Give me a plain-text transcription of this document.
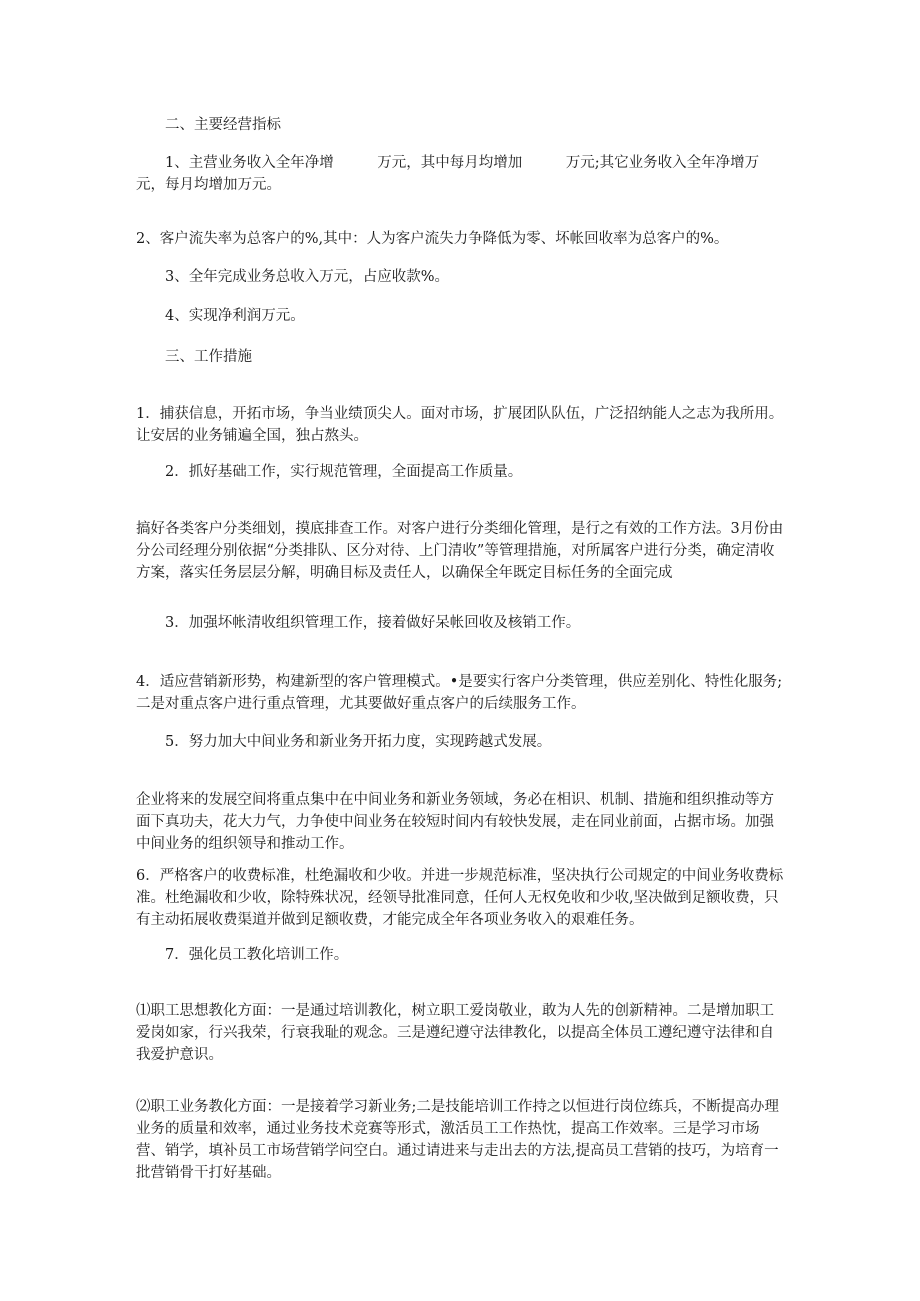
二、主要经营指标

1、主营业务收入全年净增　　　万元，其中每月均增加　　　万元;其它业务收入全年净增万元，每月均增加万元。

2、客户流失率为总客户的%,其中：人为客户流失力争降低为零、坏帐回收率为总客户的%。

3、全年完成业务总收入万元，占应收款%。

4、实现净利润万元。

三、工作措施

1．捕获信息，开拓市场，争当业绩顶尖人。面对市场，扩展团队队伍，广泛招纳能人之志为我所用。让安居的业务铺遍全国，独占熬头。

2．抓好基础工作，实行规范管理，全面提高工作质量。

搞好各类客户分类细划，摸底排查工作。对客户进行分类细化管理，是行之有效的工作方法。3月份由分公司经理分别依据“分类排队、区分对待、上门清收”等管理措施，对所属客户进行分类，确定清收方案，落实任务层层分解，明确目标及责任人，以确保全年既定目标任务的全面完成

3．加强坏帐清收组织管理工作，接着做好呆帐回收及核销工作。

4．适应营销新形势，构建新型的客户管理模式。•是要实行客户分类管理，供应差别化、特性化服务;二是对重点客户进行重点管理，尤其要做好重点客户的后续服务工作。

5．努力加大中间业务和新业务开拓力度，实现跨越式发展。

企业将来的发展空间将重点集中在中间业务和新业务领域，务必在相识、机制、措施和组织推动等方面下真功夫，花大力气，力争使中间业务在较短时间内有较快发展，走在同业前面，占据市场。加强中间业务的组织领导和推动工作。

6．严格客户的收费标准，杜绝漏收和少收。并进一步规范标准，坚决执行公司规定的中间业务收费标准。杜绝漏收和少收，除特殊状况，经领导批准同意，任何人无权免收和少收,坚决做到足额收费，只有主动拓展收费渠道并做到足额收费，才能完成全年各项业务收入的艰难任务。

7．强化员工教化培训工作。

⑴职工思想教化方面：一是通过培训教化，树立职工爱岗敬业，敢为人先的创新精神。二是增加职工爱岗如家，行兴我荣，行衰我耻的观念。三是遵纪遵守法律教化，以提高全体员工遵纪遵守法律和自我爱护意识。

⑵职工业务教化方面：一是接着学习新业务;二是技能培训工作持之以恒进行岗位练兵，不断提高办理业务的质量和效率，通过业务技术竞赛等形式，激活员工工作热忱，提高工作效率。三是学习市场营、销学，填补员工市场营销学问空白。通过请进来与走出去的方法,提高员工营销的技巧，为培育一批营销骨干打好基础。
